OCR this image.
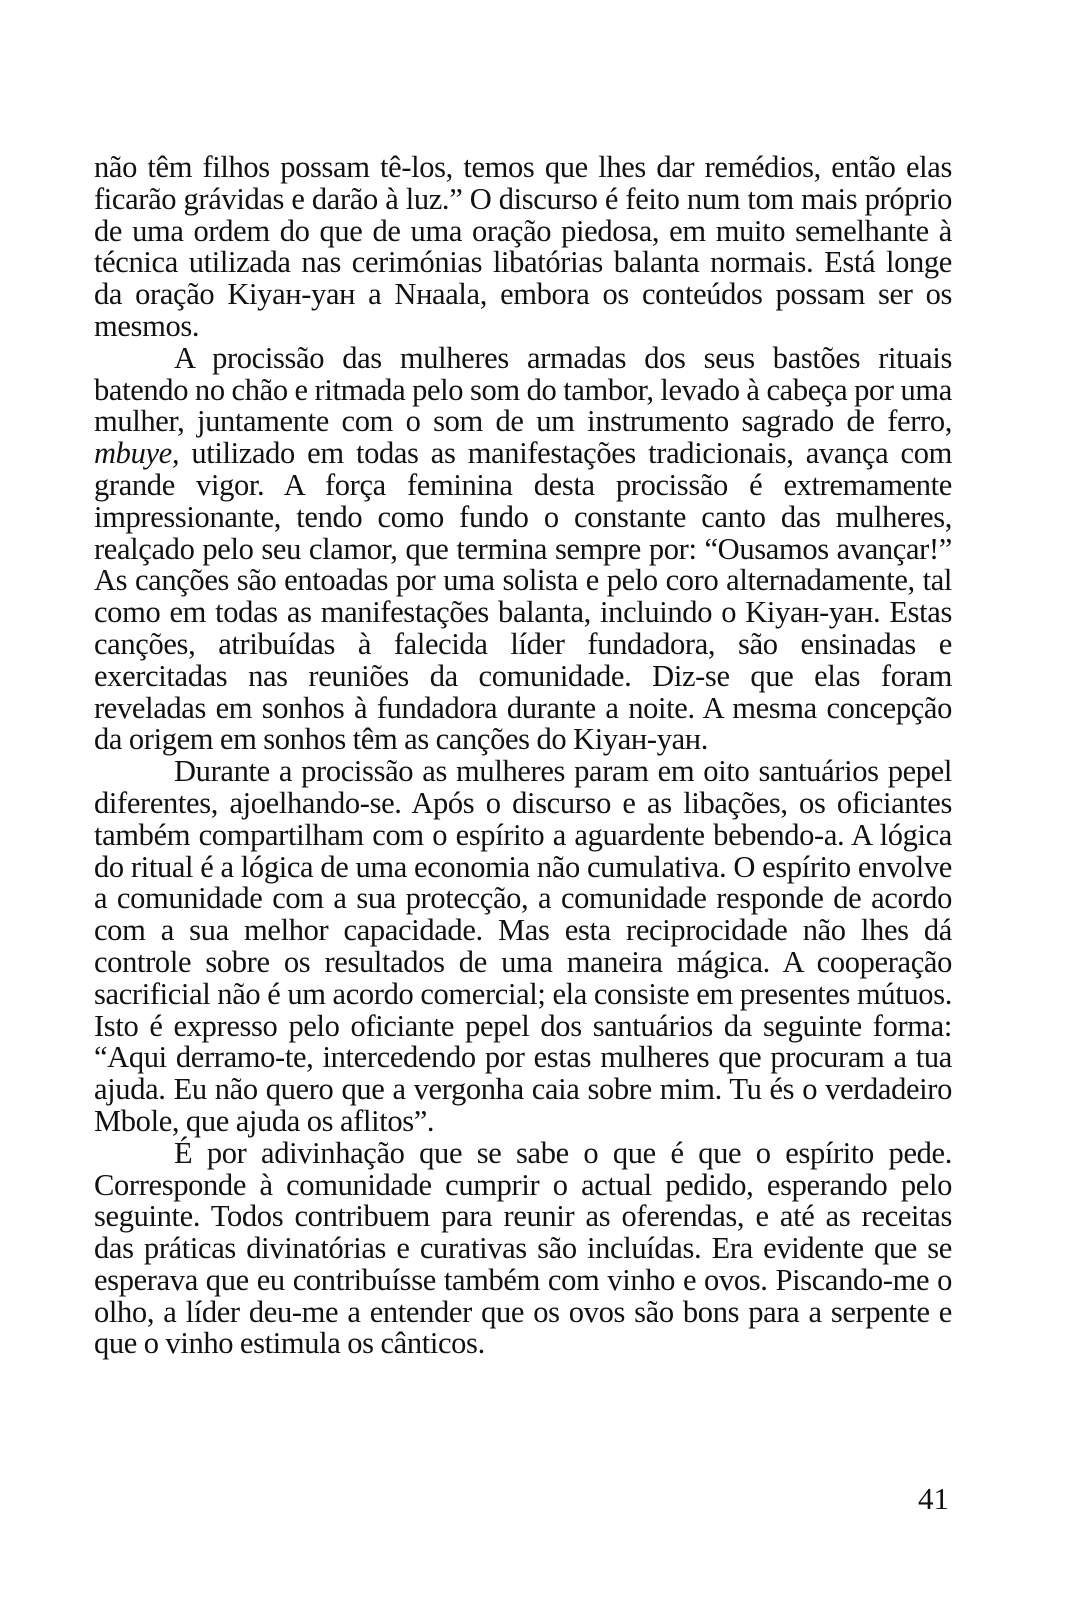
não têm filhos possam tê-los, temos que lhes dar remédios, então elas ficarão grávidas e darão à luz.” O discurso é feito num tom mais próprio de uma ordem do que de uma oração piedosa, em muito semelhante à técnica utilizada nas cerimónias libatórias balanta normais. Está longe da oração Kiyaн-yaн a Nнaala, embora os conteúdos possam ser os mesmos.

A procissão das mulheres armadas dos seus bastões rituais batendo no chão e ritmada pelo som do tambor, levado à cabeça por uma mulher, juntamente com o som de um instrumento sagrado de ferro, mbuye, utilizado em todas as manifestações tradicionais, avança com grande vigor. A força feminina desta procissão é extremamente impressionante, tendo como fundo o constante canto das mulheres, realçado pelo seu clamor, que termina sempre por: “Ousamos avançar!” As canções são entoadas por uma solista e pelo coro alternadamente, tal como em todas as manifestações balanta, incluindo o Kiyaн-yaн. Estas canções, atribuídas à falecida líder fundadora, são ensinadas e exercitadas nas reuniões da comunidade. Diz-se que elas foram reveladas em sonhos à fundadora durante a noite. A mesma concepção da origem em sonhos têm as canções do Kiyaн-yaн.

Durante a procissão as mulheres param em oito santuários pepel diferentes, ajoelhando-se. Após o discurso e as libações, os oficiantes também compartilham com o espírito a aguardente bebendo-a. A lógica do ritual é a lógica de uma economia não cumulativa. O espírito envolve a comunidade com a sua protecção, a comunidade responde de acordo com a sua melhor capacidade. Mas esta reciprocidade não lhes dá controle sobre os resultados de uma maneira mágica. A cooperação sacrificial não é um acordo comercial; ela consiste em presentes mútuos. Isto é expresso pelo oficiante pepel dos santuários da seguinte forma: “Aqui derramo-te, intercedendo por estas mulheres que procuram a tua ajuda. Eu não quero que a vergonha caia sobre mim. Tu és o verdadeiro Mbole, que ajuda os aflitos”.

É por adivinhação que se sabe o que é que o espírito pede. Corresponde à comunidade cumprir o actual pedido, esperando pelo seguinte. Todos contribuem para reunir as oferendas, e até as receitas das práticas divinatórias e curativas são incluídas. Era evidente que se esperava que eu contribuísse também com vinho e ovos. Piscando-me o olho, a líder deu-me a entender que os ovos são bons para a serpente e que o vinho estimula os cânticos.

41
